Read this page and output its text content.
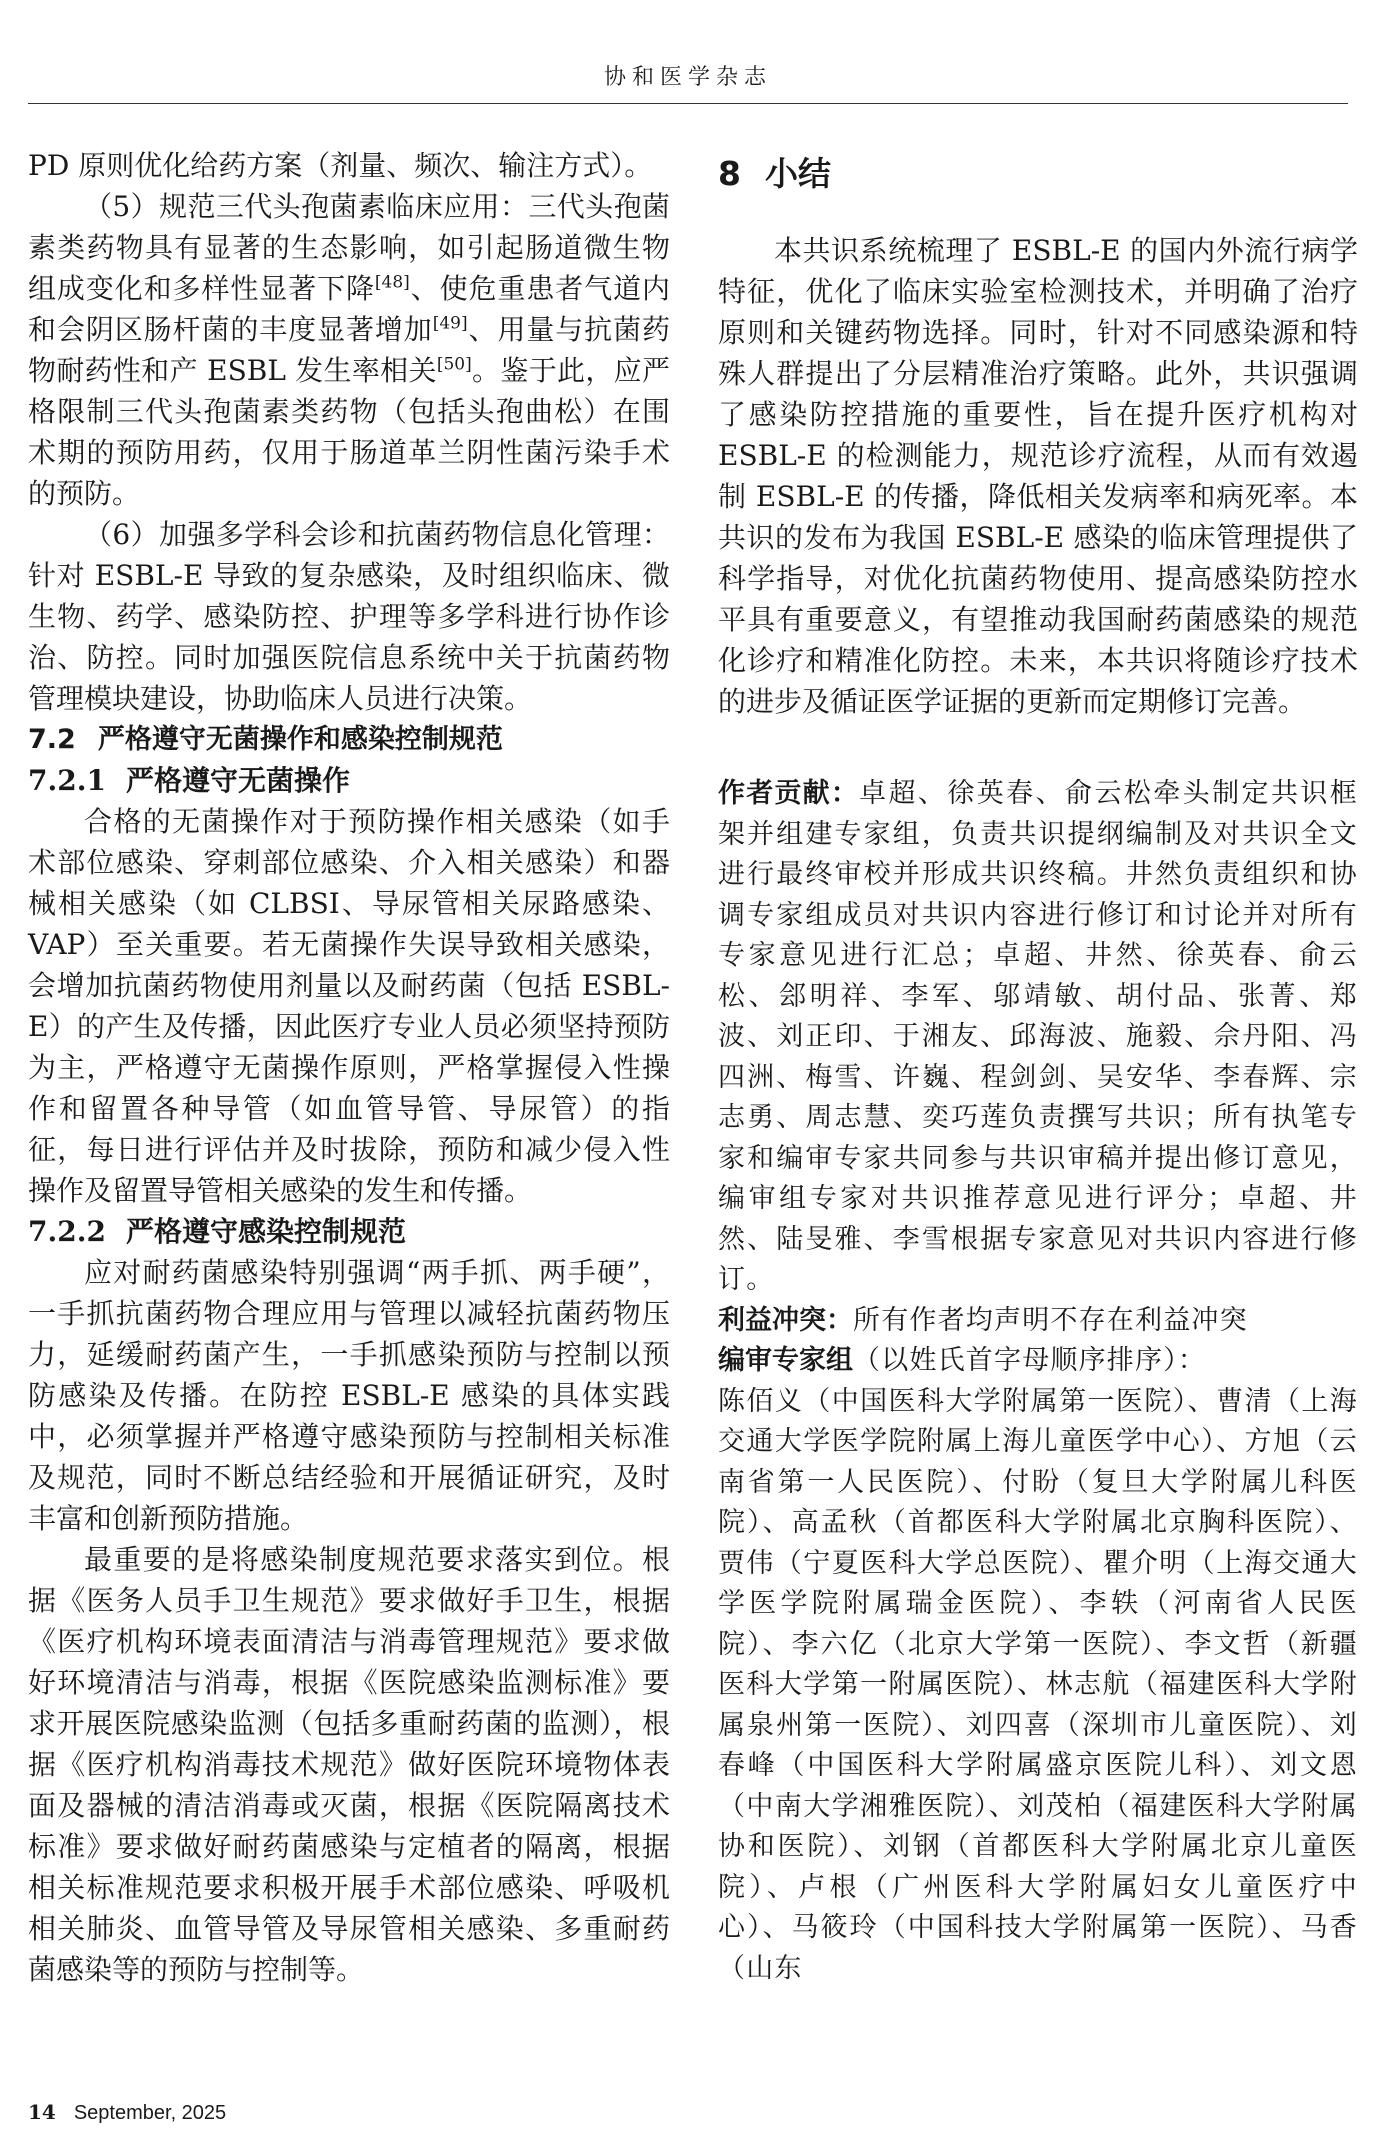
协和医学杂志

PD 原则优化给药方案（剂量、频次、输注方式）。

（5）规范三代头孢菌素临床应用：三代头孢菌素类药物具有显著的生态影响，如引起肠道微生物组成变化和多样性显著下降[48]、使危重患者气道内和会阴区肠杆菌的丰度显著增加[49]、用量与抗菌药物耐药性和产 ESBL 发生率相关[50]。鉴于此，应严格限制三代头孢菌素类药物（包括头孢曲松）在围术期的预防用药，仅用于肠道革兰阴性菌污染手术的预防。

（6）加强多学科会诊和抗菌药物信息化管理：针对 ESBL-E 导致的复杂感染，及时组织临床、微生物、药学、感染防控、护理等多学科进行协作诊治、防控。同时加强医院信息系统中关于抗菌药物管理模块建设，协助临床人员进行决策。

7.2 严格遵守无菌操作和感染控制规范
7.2.1 严格遵守无菌操作

合格的无菌操作对于预防操作相关感染（如手术部位感染、穿刺部位感染、介入相关感染）和器械相关感染（如 CLBSI、导尿管相关尿路感染、VAP）至关重要。若无菌操作失误导致相关感染，会增加抗菌药物使用剂量以及耐药菌（包括 ESBL-E）的产生及传播，因此医疗专业人员必须坚持预防为主，严格遵守无菌操作原则，严格掌握侵入性操作和留置各种导管（如血管导管、导尿管）的指征，每日进行评估并及时拔除，预防和减少侵入性操作及留置导管相关感染的发生和传播。

7.2.2 严格遵守感染控制规范

应对耐药菌感染特别强调“两手抓、两手硬”，一手抓抗菌药物合理应用与管理以减轻抗菌药物压力，延缓耐药菌产生，一手抓感染预防与控制以预防感染及传播。在防控 ESBL-E 感染的具体实践中，必须掌握并严格遵守感染预防与控制相关标准及规范，同时不断总结经验和开展循证研究，及时丰富和创新预防措施。

最重要的是将感染制度规范要求落实到位。根据《医务人员手卫生规范》要求做好手卫生，根据《医疗机构环境表面清洁与消毒管理规范》要求做好环境清洁与消毒，根据《医院感染监测标准》要求开展医院感染监测（包括多重耐药菌的监测），根据《医疗机构消毒技术规范》做好医院环境物体表面及器械的清洁消毒或灭菌，根据《医院隔离技术标准》要求做好耐药菌感染与定植者的隔离，根据相关标准规范要求积极开展手术部位感染、呼吸机相关肺炎、血管导管及导尿管相关感染、多重耐药菌感染等的预防与控制等。

8 小结

本共识系统梳理了 ESBL-E 的国内外流行病学特征，优化了临床实验室检测技术，并明确了治疗原则和关键药物选择。同时，针对不同感染源和特殊人群提出了分层精准治疗策略。此外，共识强调了感染防控措施的重要性，旨在提升医疗机构对 ESBL-E 的检测能力，规范诊疗流程，从而有效遏制 ESBL-E 的传播，降低相关发病率和病死率。本共识的发布为我国 ESBL-E 感染的临床管理提供了科学指导，对优化抗菌药物使用、提高感染防控水平具有重要意义，有望推动我国耐药菌感染的规范化诊疗和精准化防控。未来，本共识将随诊疗技术的进步及循证医学证据的更新而定期修订完善。

作者贡献：卓超、徐英春、俞云松牵头制定共识框架并组建专家组，负责共识提纲编制及对共识全文进行最终审校并形成共识终稿。井然负责组织和协调专家组成员对共识内容进行修订和讨论并对所有专家意见进行汇总；卓超、井然、徐英春、俞云松、郐明祥、李军、邬靖敏、胡付品、张菁、郑波、刘正印、于湘友、邱海波、施毅、佘丹阳、冯四洲、梅雪、许巍、程剑剑、吴安华、李春辉、宗志勇、周志慧、奕巧莲负责撰写共识；所有执笔专家和编审专家共同参与共识审稿并提出修订意见，编审组专家对共识推荐意见进行评分；卓超、井然、陆旻雅、李雪根据专家意见对共识内容进行修订。

利益冲突：所有作者均声明不存在利益冲突

编审专家组（以姓氏首字母顺序排序）：

陈佰义（中国医科大学附属第一医院）、曹清（上海交通大学医学院附属上海儿童医学中心）、方旭（云南省第一人民医院）、付盼（复旦大学附属儿科医院）、高孟秋（首都医科大学附属北京胸科医院）、贾伟（宁夏医科大学总医院）、瞿介明（上海交通大学医学院附属瑞金医院）、李轶（河南省人民医院）、李六亿（北京大学第一医院）、李文哲（新疆医科大学第一附属医院）、林志航（福建医科大学附属泉州第一医院）、刘四喜（深圳市儿童医院）、刘春峰（中国医科大学附属盛京医院儿科）、刘文恩（中南大学湘雅医院）、刘茂柏（福建医科大学附属协和医院）、刘钢（首都医科大学附属北京儿童医院）、卢根（广州医科大学附属妇女儿童医疗中心）、马筱玲（中国科技大学附属第一医院）、马香（山东

14 September, 2025
